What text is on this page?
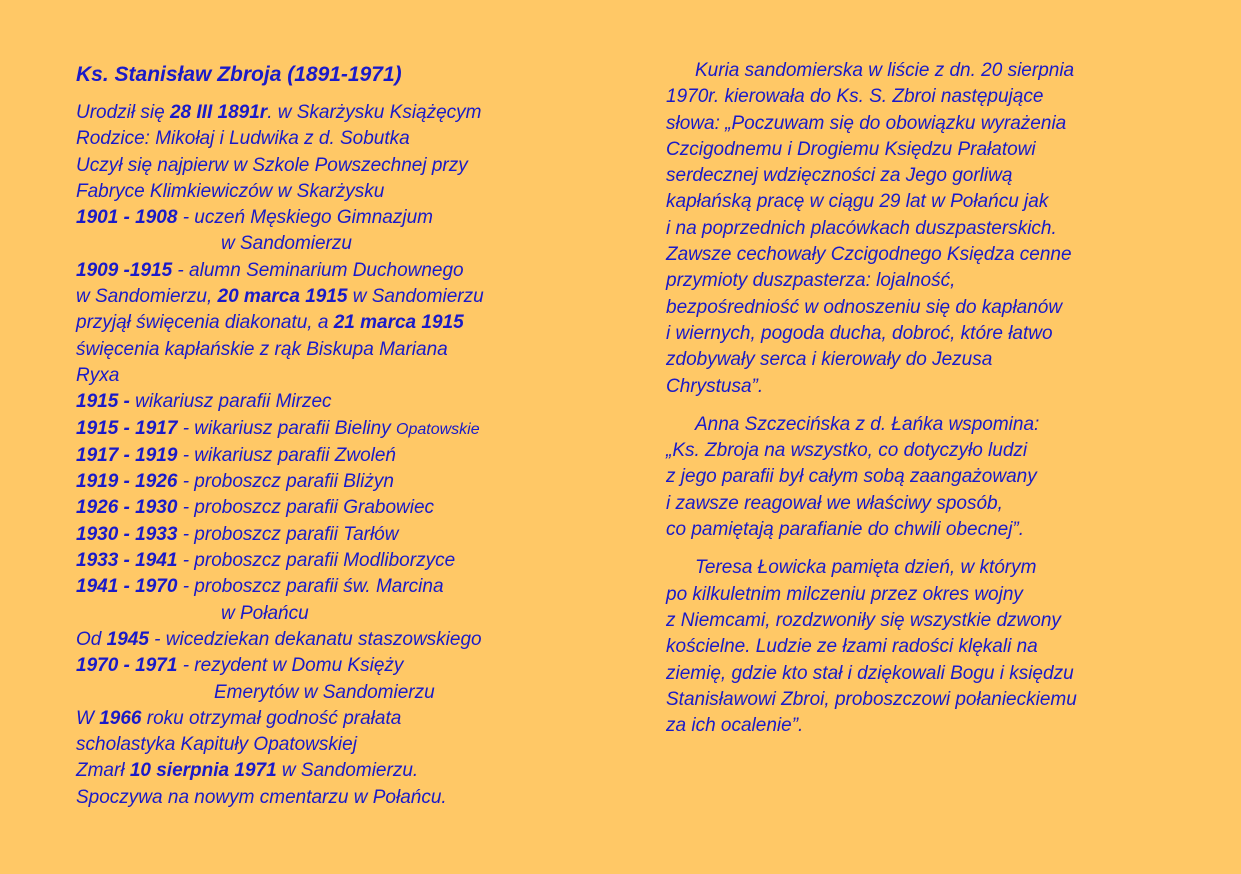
Ks. Stanisław Zbroja (1891-1971)
Urodził się 28 III 1891r. w Skarżysku Książęcym
Rodzice: Mikołaj i Ludwika z d. Sobutka
Uczył się najpierw w Szkole Powszechnej przy
Fabryce Klimkiewiczów w Skarżysku
1901 - 1908 - uczeń Męskiego Gimnazjum
w Sandomierzu
1909 -1915 - alumn Seminarium Duchownego
w Sandomierzu, 20 marca 1915 w Sandomierzu
przyjął święcenia diakonatu, a 21 marca 1915
święcenia kapłańskie z rąk Biskupa Mariana
Ryxa
1915 - wikariusz parafii Mirzec
1915 - 1917 - wikariusz parafii Bieliny Opatowskie
1917 - 1919 - wikariusz parafii Zwoleń
1919 - 1926 - proboszcz parafii Bliżyn
1926 - 1930 - proboszcz parafii Grabowiec
1930 - 1933 - proboszcz parafii Tarłów
1933 - 1941 - proboszcz parafii Modliborzyce
1941 - 1970 - proboszcz parafii św. Marcina
w Połańcu
Od 1945 - wicedziekan dekanatu staszowskiego
1970 - 1971 - rezydent w Domu Księży
Emerytów w Sandomierzu
W 1966 roku otrzymał godność prałata
scholastyka Kapituły Opatowskiej
Zmarł 10 sierpnia 1971 w Sandomierzu.
Spoczywa na nowym cmentarzu w Połańcu.
Kuria sandomierska w liście z dn. 20 sierpnia
1970r. kierowała do Ks. S. Zbroi następujące
słowa: „Poczuwam się do obowiązku wyrażenia
Czcigodnemu i Drogiemu Księdzu Prałatowi
serdecznej wdzięczności za Jego gorliwą
kapłańską pracę w ciągu 29 lat w Połańcu jak
i na poprzednich placówkach duszpasterskich.
Zawsze cechowały Czcigodnego Księdza cenne
przymioty duszpasterza: lojalność,
bezpośredniość w odnoszeniu się do kapłanów
i wiernych, pogoda ducha, dobroć, które łatwo
zdobywały serca i kierowały do Jezusa
Chrystusa”.
Anna Szczecińska z d. Łańka wspomina:
„Ks. Zbroja na wszystko, co dotyczyło ludzi
z jego parafii był całym sobą zaangażowany
i zawsze reagował we właściwy sposób,
co pamiętają parafianie do chwili obecnej”.
Teresa Łowicka pamięta dzień, w którym
po kilkuletnim milczeniu przez okres wojny
z Niemcami, rozdzwoniły się wszystkie dzwony
kościelne. Ludzie ze łzami radości klękali na
ziemię, gdzie kto stał i dziękowali Bogu i księdzu
Stanisławowi Zbroi, proboszczowi połanieckiemu
za ich ocalenie”.
